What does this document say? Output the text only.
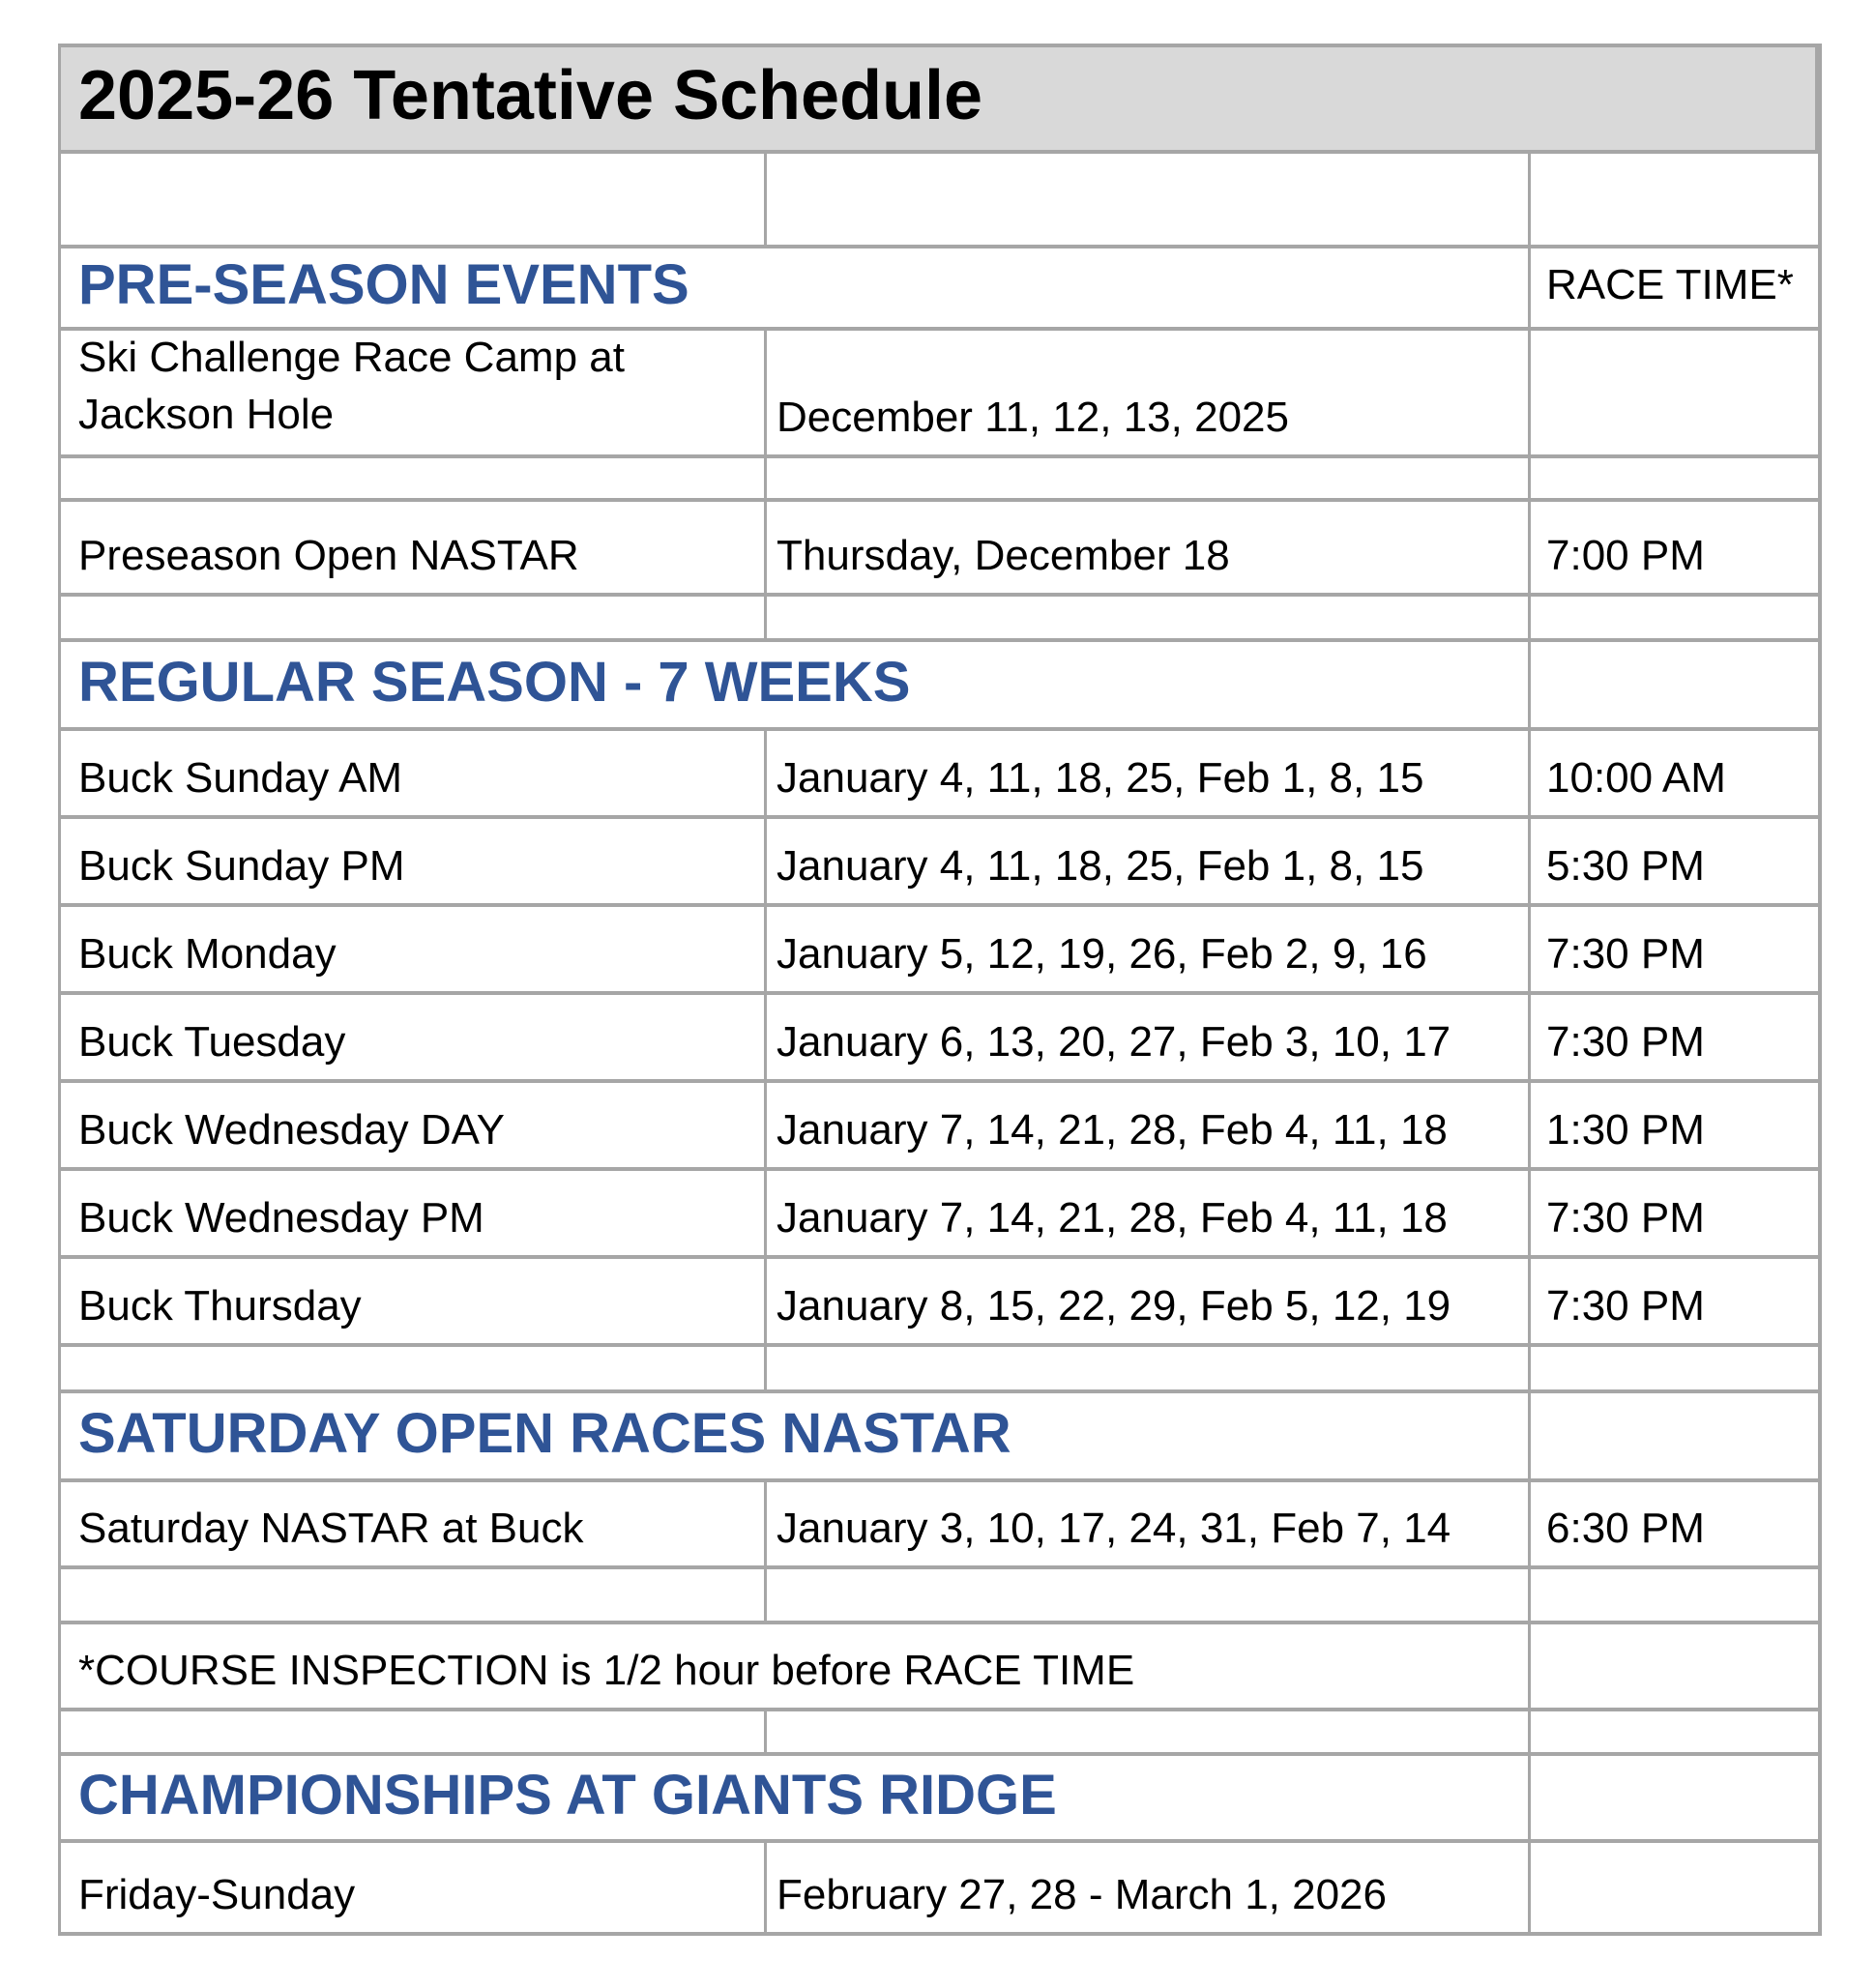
2025-26 Tentative Schedule
PRE-SEASON EVENTS	RACE TIME*
Ski Challenge Race Camp at
Jackson Hole	December 11, 12, 13, 2025
Preseason Open NASTAR	Thursday, December 18	7:00 PM
REGULAR SEASON - 7 WEEKS
Buck Sunday AM	January 4, 11, 18, 25, Feb 1, 8, 15	10:00 AM
Buck Sunday PM	January 4, 11, 18, 25, Feb 1, 8, 15	5:30 PM
Buck Monday	January 5, 12, 19, 26, Feb 2, 9, 16	7:30 PM
Buck Tuesday	January 6, 13, 20, 27, Feb 3, 10, 17	7:30 PM
Buck Wednesday DAY	January 7, 14, 21, 28, Feb 4, 11, 18	1:30 PM
Buck Wednesday PM	January 7, 14, 21, 28, Feb 4, 11, 18	7:30 PM
Buck Thursday	January 8, 15, 22, 29, Feb 5, 12, 19	7:30 PM
SATURDAY OPEN RACES NASTAR
Saturday NASTAR at Buck	January 3, 10, 17, 24, 31, Feb 7, 14	6:30 PM
*COURSE INSPECTION is 1/2 hour before RACE TIME
CHAMPIONSHIPS AT GIANTS RIDGE
Friday-Sunday	February 27, 28 - March 1, 2026
